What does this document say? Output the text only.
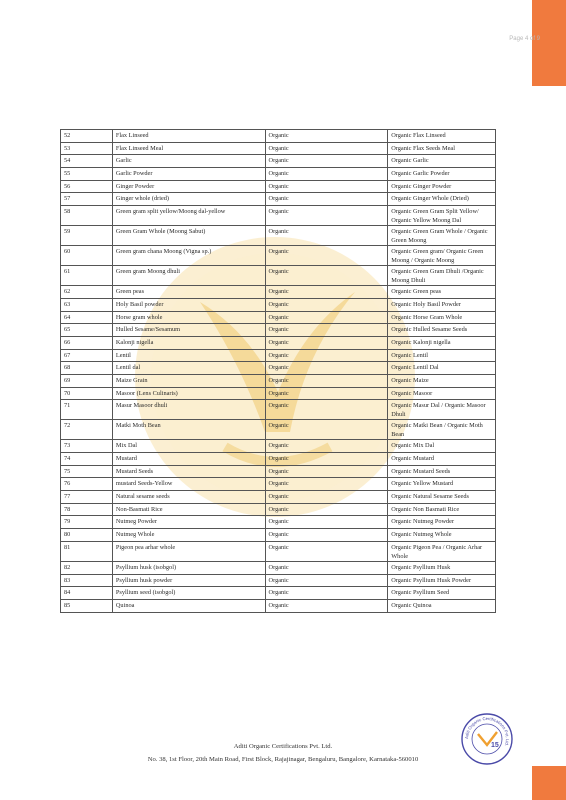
Page 4 of 9
52	Flax Linseed	Organic	Organic Flax Linseed
53	Flax Linseed Meal	Organic	Organic Flax Seeds Meal
54	Garlic	Organic	Organic Garlic
55	Garlic Powder	Organic	Organic Garlic Powder
56	Ginger Powder	Organic	Organic Ginger Powder
57	Ginger whole (dried)	Organic	Organic Ginger Whole (Dried)
58	Green gram split yellow/Moong dal-yellow	Organic	Organic Green Gram Split Yellow/ Organic Yellow Moong Dal
59	Green Gram Whole (Moong Sabut)	Organic	Organic Green Gram Whole / Organic Green Moong
60	Green gram chana Moong (Vigna sp.)	Organic	Organic Green gram/ Organic Green Moong / Organic Moong
61	Green gram Moong dhuli	Organic	Organic Green Gram Dhuli /Organic Moong Dhuli
62	Green peas	Organic	Organic Green peas
63	Holy Basil powder	Organic	Organic Holy Basil Powder
64	Horse gram whole	Organic	Organic Horse Gram Whole
65	Hulled Sesame/Sesamum	Organic	Organic Hulled Sesame Seeds
66	Kalonji nigella	Organic	Organic Kalonji nigella
67	Lentil	Organic	Organic Lentil
68	Lentil dal	Organic	Organic Lentil Dal
69	Maize Grain	Organic	Organic Maize
70	Masoor (Lens Culinaris)	Organic	Organic Masoor
71	Masur Masoor dhuli	Organic	Organic Masur Dal / Organic Masoor Dhuli
72	Matki Moth Bean	Organic	Organic Matki Bean / Organic Moth Bean
73	Mix Dal	Organic	Organic Mix Dal
74	Mustard	Organic	Organic Mustard
75	Mustard Seeds	Organic	Organic Mustard Seeds
76	mustard Seeds-Yellow	Organic	Organic Yellow Mustard
77	Natural sesame seeds	Organic	Organic Natural Sesame Seeds
78	Non-Basmati Rice	Organic	Organic Non Basmati Rice
79	Nutmeg Powder	Organic	Organic Nutmeg Powder
80	Nutmeg Whole	Organic	Organic Nutmeg Whole
81	Pigeon pea arhar whole	Organic	Organic Pigeon Pea / Organic Arhar Whole
82	Psyllium husk (isobgol)	Organic	Organic Psyllium Husk
83	Psyllium husk powder	Organic	Organic Psyllium Husk Powder
84	Psyllium seed (isobgol)	Organic	Organic Psyllium Seed
85	Quinoa	Organic	Organic Quinoa
Aditi Organic Certifications Pvt. Ltd.
No. 38, 1st Floor, 20th Main Road, First Block, Rajajinagar, Bengaluru, Bangalore, Karnataka-560010
Aditi Organic Certifications Pvt. Ltd.
15
